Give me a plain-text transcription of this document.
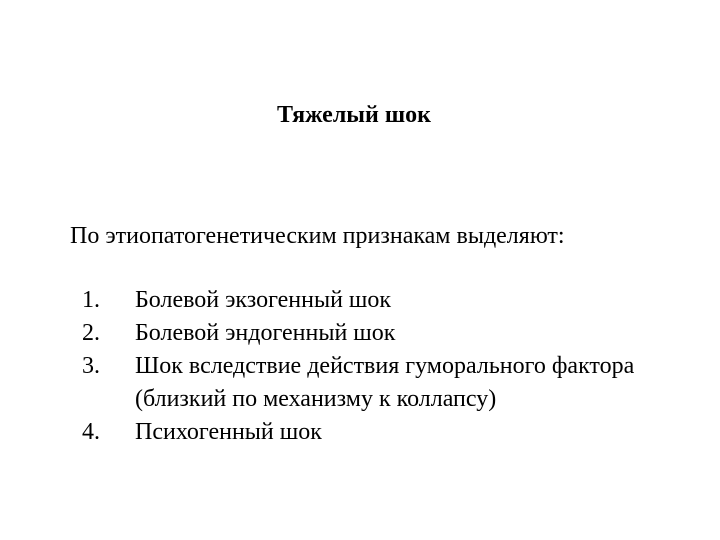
Тяжелый шок
По этиопатогенетическим признакам выделяют:
1.	Болевой экзогенный шок
2.	Болевой эндогенный шок
3.	Шок вследствие действия гуморального фактора (близкий по механизму к коллапсу)
4.	Психогенный шок
